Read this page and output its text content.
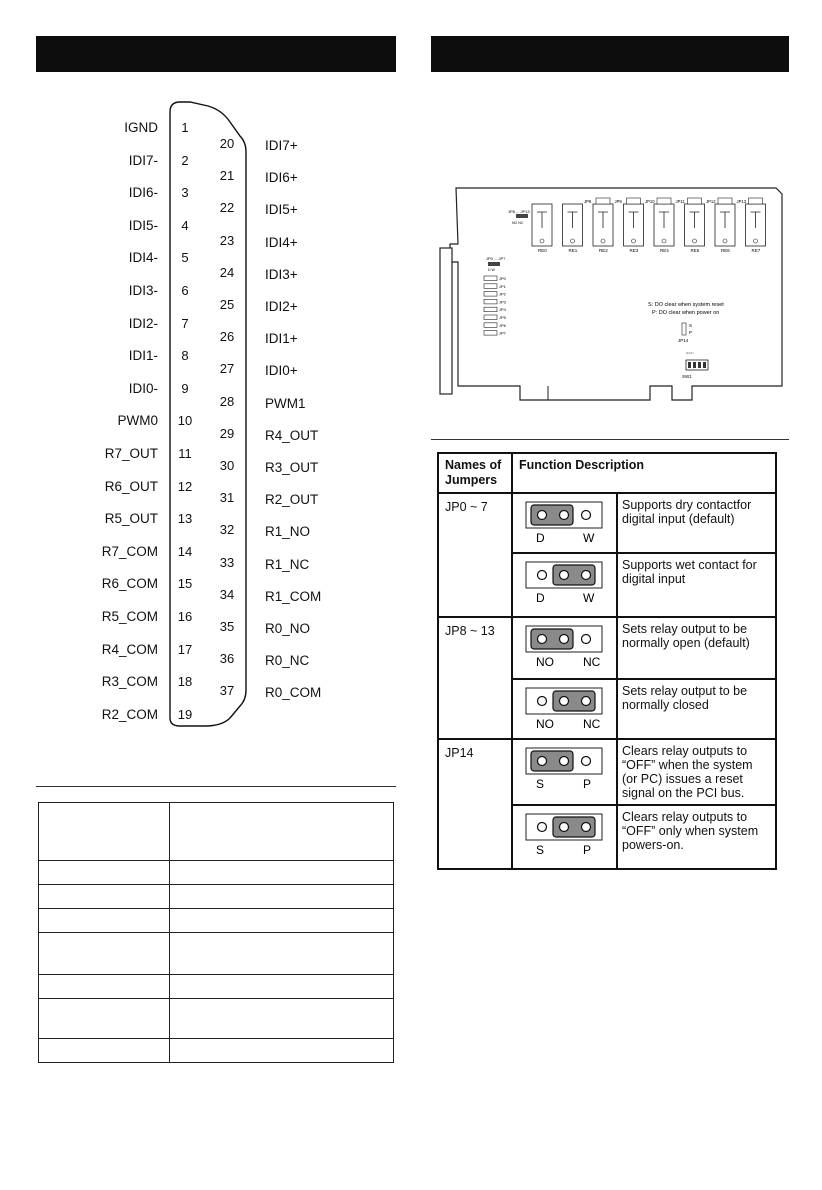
IGND	1
IDI7-	2
IDI6-	3
IDI5-	4
IDI4-	5
IDI3-	6
IDI2-	7
IDI1-	8
IDI0-	9
PWM0	10
R7_OUT	11
R6_OUT	12
R5_OUT	13
R7_COM	14
R6_COM	15
R5_COM	16
R4_COM	17
R3_COM	18
R2_COM	19
20	IDI7+
21	IDI6+
22	IDI5+
23	IDI4+
24	IDI3+
25	IDI2+
26	IDI1+
27	IDI0+
28	PWM1
29	R4_OUT
30	R3_OUT
31	R2_OUT
32	R1_NO
33	R1_NC
34	R1_COM
35	R0_NO
36	R0_NC
37	R0_COM

RE0	RE1	RE2	RE3	RE4	RE5	RE6	RE7
JP8	JP9	JP10	JP11	JP12	JP13
JP0
JP1
JP2
JP3
JP4
JP5
JP6
JP7
JP8 ... JP13
NO NC
JP0 ... JP7
D W
S: DO clear when system reset
P: DO clear when power on
S
P
JP14
□□□□
SW1
Names of Jumpers	Function Description	
JP0 ~ 7	D W	Supports dry contactfor digital input (default)

D W	Supports wet contact for digital input
JP8 ~ 13	NO NC	Sets relay output to be normally open (default)

NO NC	Sets relay output to be normally closed
JP14	S P	Clears relay outputs to “OFF” when the system (or PC) issues a reset signal on the PCI bus.

S P	Clears relay outputs to “OFF” only when system powers-on.
